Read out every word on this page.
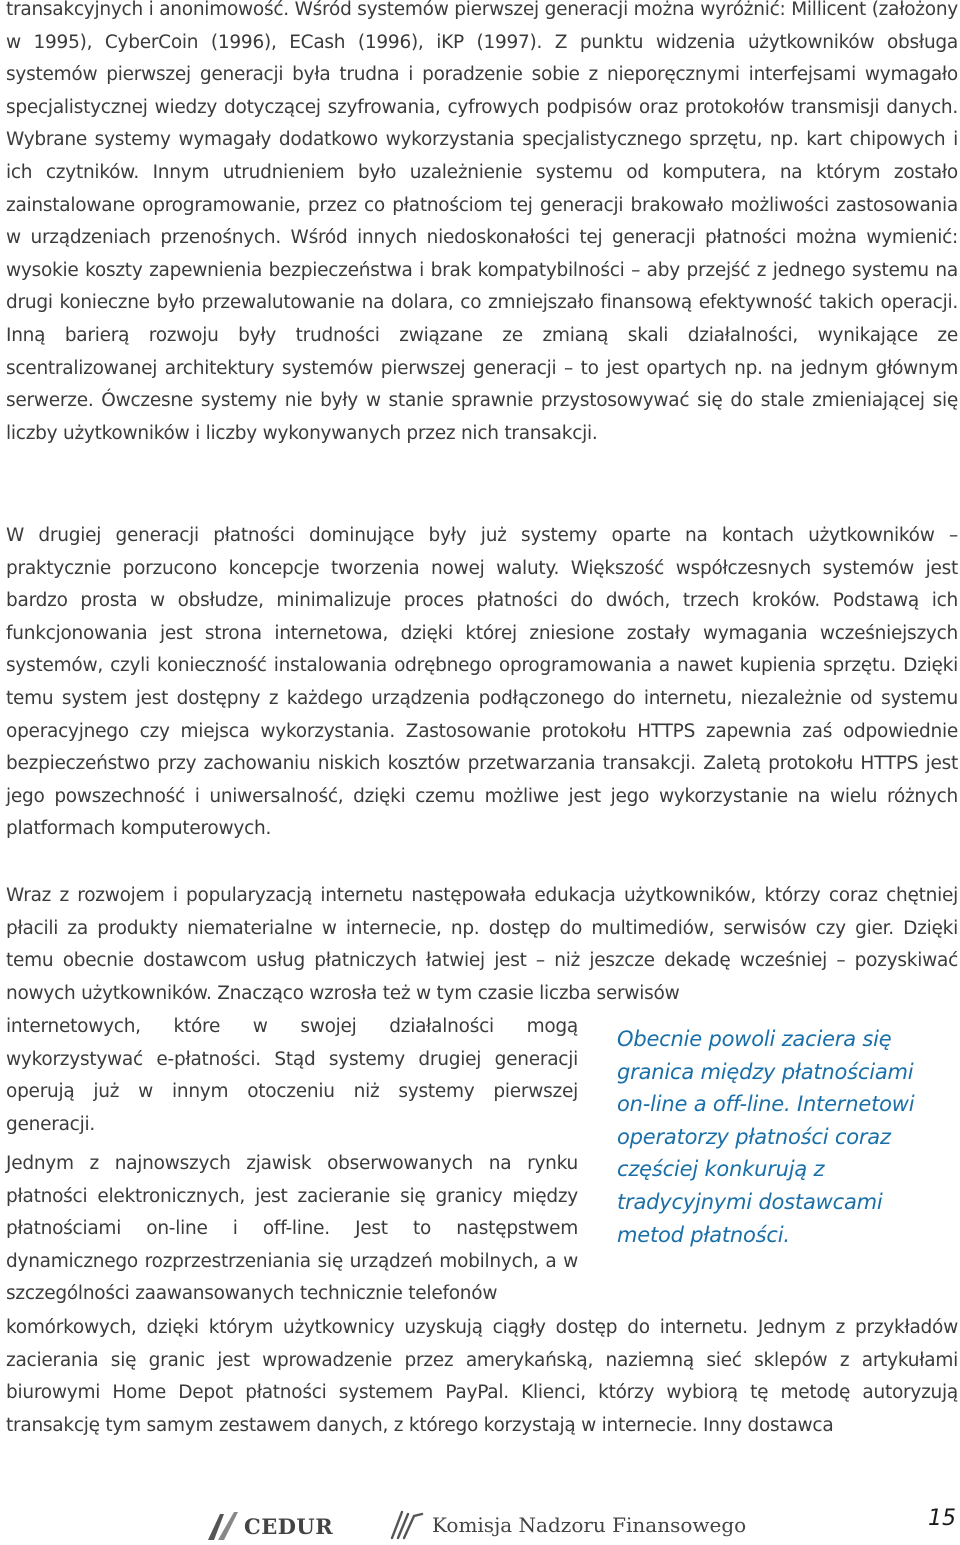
transakcyjnych i anonimowość. Wśród systemów pierwszej generacji można wyróżnić: Millicent (założony w 1995), CyberCoin (1996), ECash (1996), iKP (1997). Z punktu widzenia użytkowników obsługa systemów pierwszej generacji była trudna i poradzenie sobie z nieporęcznymi interfejsami wymagało specjalistycznej wiedzy dotyczącej szyfrowania, cyfrowych podpisów oraz protokołów transmisji danych. Wybrane systemy wymagały dodatkowo wykorzystania specjalistycznego sprzętu, np. kart chipowych i ich czytników. Innym utrudnieniem było uzależnienie systemu od komputera, na którym zostało zainstalowane oprogramowanie, przez co płatnościom tej generacji brakowało możliwości zastosowania w urządzeniach przenośnych. Wśród innych niedoskonałości tej generacji płatności można wymienić: wysokie koszty zapewnienia bezpieczeństwa i brak kompatybilności – aby przejść z jednego systemu na drugi konieczne było przewalutowanie na dolara, co zmniejszało finansową efektywność takich operacji. Inną barierą rozwoju były trudności związane ze zmianą skali działalności, wynikające ze scentralizowanej architektury systemów pierwszej generacji – to jest opartych np. na jednym głównym serwerze. Ówczesne systemy nie były w stanie sprawnie przystosowywać się do stale zmieniającej się liczby użytkowników i liczby wykonywanych przez nich transakcji.

W drugiej generacji płatności dominujące były już systemy oparte na kontach użytkowników – praktycznie porzucono koncepcje tworzenia nowej waluty. Większość współczesnych systemów jest bardzo prosta w obsłudze, minimalizuje proces płatności do dwóch, trzech kroków. Podstawą ich funkcjonowania jest strona internetowa, dzięki której zniesione zostały wymagania wcześniejszych systemów, czyli konieczność instalowania odrębnego oprogramowania a nawet kupienia sprzętu. Dzięki temu system jest dostępny z każdego urządzenia podłączonego do internetu, niezależnie od systemu operacyjnego czy miejsca wykorzystania. Zastosowanie protokołu HTTPS zapewnia zaś odpowiednie bezpieczeństwo przy zachowaniu niskich kosztów przetwarzania transakcji. Zaletą protokołu HTTPS jest jego powszechność i uniwersalność, dzięki czemu możliwe jest jego wykorzystanie na wielu różnych platformach komputerowych.

Wraz z rozwojem i popularyzacją internetu następowała edukacja użytkowników, którzy coraz chętniej płacili za produkty niematerialne w internecie, np. dostęp do multimediów, serwisów czy gier. Dzięki temu obecnie dostawcom usług płatniczych łatwiej jest – niż jeszcze dekadę wcześniej – pozyskiwać nowych użytkowników. Znacząco wzrosła też w tym czasie liczba serwisów

internetowych, które w swojej działalności mogą wykorzystywać e-płatności. Stąd systemy drugiej generacji operują już w innym otoczeniu niż systemy pierwszej generacji.

Jednym z najnowszych zjawisk obserwowanych na rynku płatności elektronicznych, jest zacieranie się granicy między płatnościami on-line i off-line. Jest to następstwem dynamicznego rozprzestrzeniania się urządzeń mobilnych, a w szczególności zaawansowanych technicznie telefonów

komórkowych, dzięki którym użytkownicy uzyskują ciągły dostęp do internetu. Jednym z przykładów zacierania się granic jest wprowadzenie przez amerykańską, naziemną sieć sklepów z artykułami biurowymi Home Depot płatności systemem PayPal. Klienci, którzy wybiorą tę metodę autoryzują transakcję tym samym zestawem danych, z którego korzystają w internecie. Inny dostawca

Obecnie powoli zaciera się granica między płatnościami on-line a off-line. Internetowi operatorzy płatności coraz częściej konkurują z tradycyjnymi dostawcami metod płatności.

CEDUR	Komisja Nadzoru Finansowego	15
